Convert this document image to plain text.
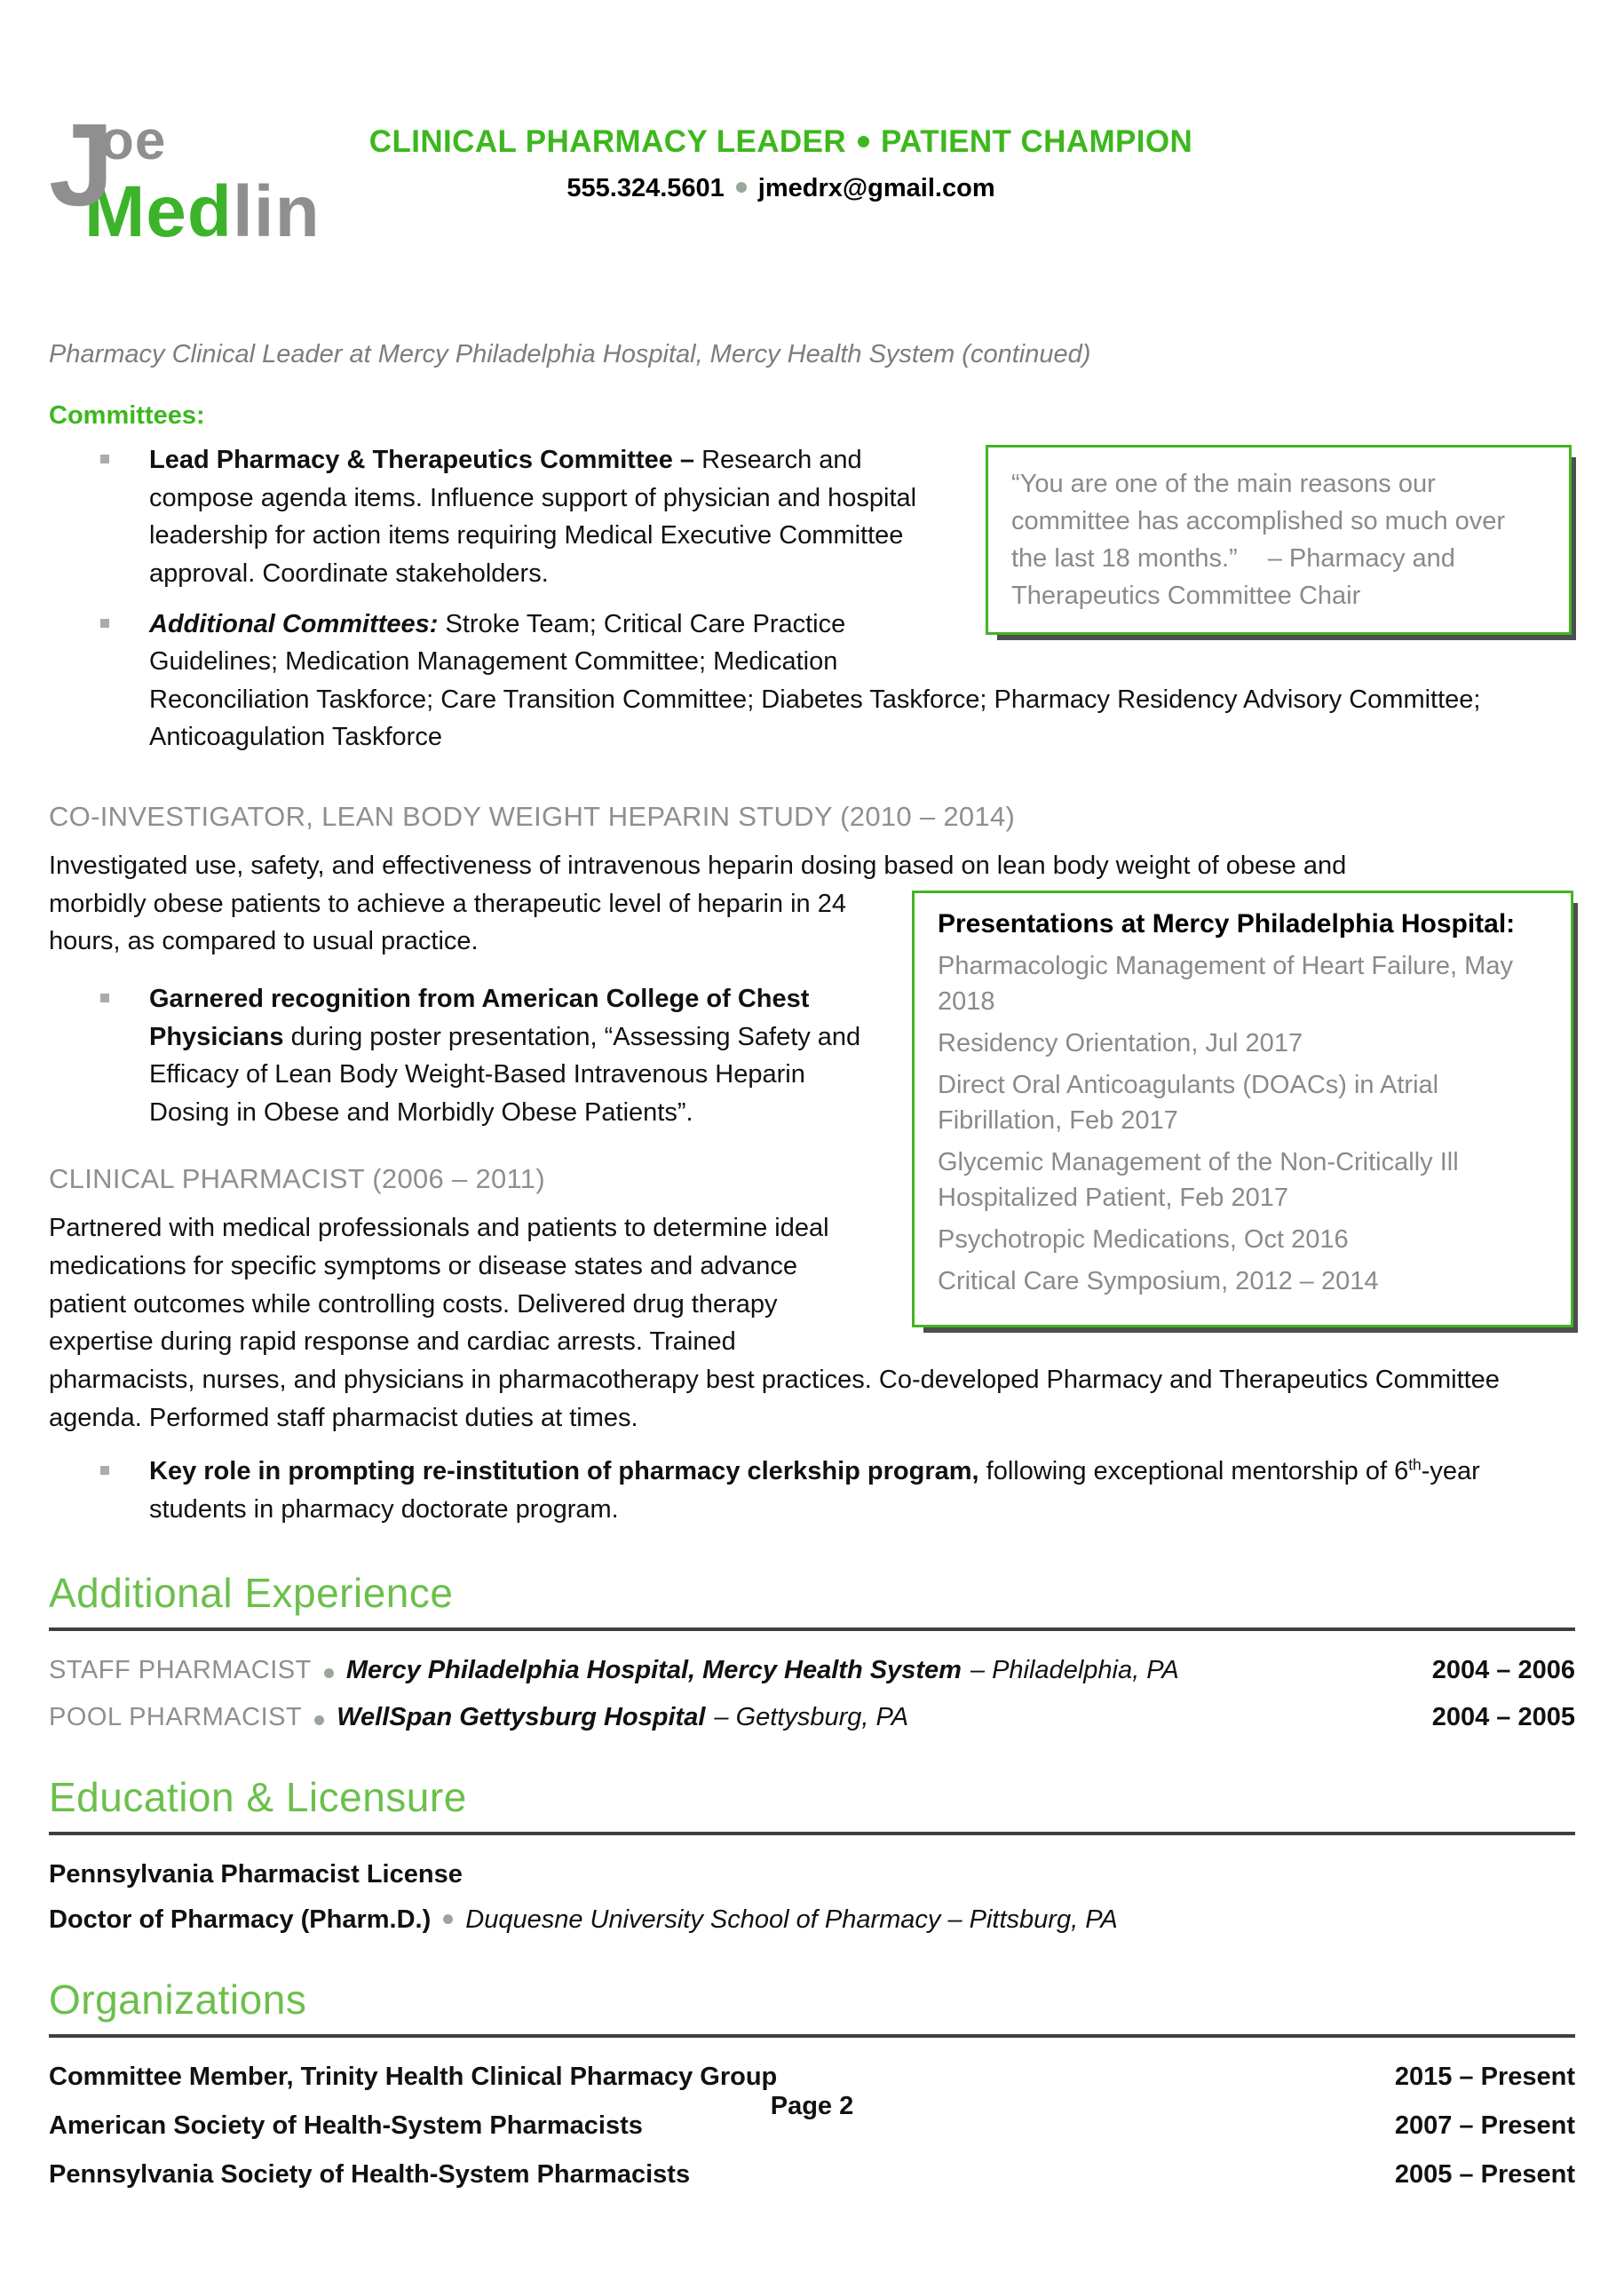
J
oe
Medlin
CLINICAL PHARMACY LEADER PATIENT CHAMPION
555.324.5601 jmedrx@gmail.com

Pharmacy Clinical Leader at Mercy Philadelphia Hospital, Mercy Health System (continued)

Committees:

“You are one of the main reasons our committee has accomplished so much over the last 18 months.” – Pharmacy and Therapeutics Committee Chair

Lead Pharmacy & Therapeutics Committee – Research and compose agenda items. Influence support of physician and hospital leadership for action items requiring Medical Executive Committee approval. Coordinate stakeholders.
Additional Committees: Stroke Team; Critical Care Practice Guidelines; Medication Management Committee; Medication Reconciliation Taskforce; Care Transition Committee; Diabetes Taskforce; Pharmacy Residency Advisory Committee; Anticoagulation Taskforce
CO-INVESTIGATOR, LEAN BODY WEIGHT HEPARIN STUDY (2010 – 2014)

Investigated use, safety, and effectiveness of intravenous heparin dosing based on lean body weight of obese and

Presentations at Mercy Philadelphia Hospital:

Pharmacologic Management of Heart Failure, May 2018

Residency Orientation, Jul 2017

Direct Oral Anticoagulants (DOACs) in Atrial Fibrillation, Feb 2017

Glycemic Management of the Non-Critically Ill Hospitalized Patient, Feb 2017

Psychotropic Medications, Oct 2016

Critical Care Symposium, 2012 – 2014

morbidly obese patients to achieve a therapeutic level of heparin in 24 hours, as compared to usual practice.

Garnered recognition from American College of Chest Physicians during poster presentation, “Assessing Safety and Efficacy of Lean Body Weight-Based Intravenous Heparin Dosing in Obese and Morbidly Obese Patients”.
CLINICAL PHARMACIST (2006 – 2011)

Partnered with medical professionals and patients to determine ideal medications for specific symptoms or disease states and advance patient outcomes while controlling costs. Delivered drug therapy expertise during rapid response and cardiac arrests. Trained pharmacists, nurses, and physicians in pharmacotherapy best practices. Co-developed Pharmacy and Therapeutics Committee agenda. Performed staff pharmacist duties at times.

Key role in prompting re-institution of pharmacy clerkship program, following exceptional mentorship of 6th-year students in pharmacy doctorate program.
Additional Experience
STAFF PHARMACIST Mercy Philadelphia Hospital, Mercy Health System – Philadelphia, PA	2004 – 2006
POOL PHARMACIST WellSpan Gettysburg Hospital – Gettysburg, PA	2004 – 2005
Education & Licensure
Pennsylvania Pharmacist License
Doctor of Pharmacy (Pharm.D.) Duquesne University School of Pharmacy – Pittsburg, PA
Organizations
Committee Member, Trinity Health Clinical Pharmacy Group	2015 – Present
American Society of Health-System Pharmacists	2007 – Present
Pennsylvania Society of Health-System Pharmacists	2005 – Present
Page 2
